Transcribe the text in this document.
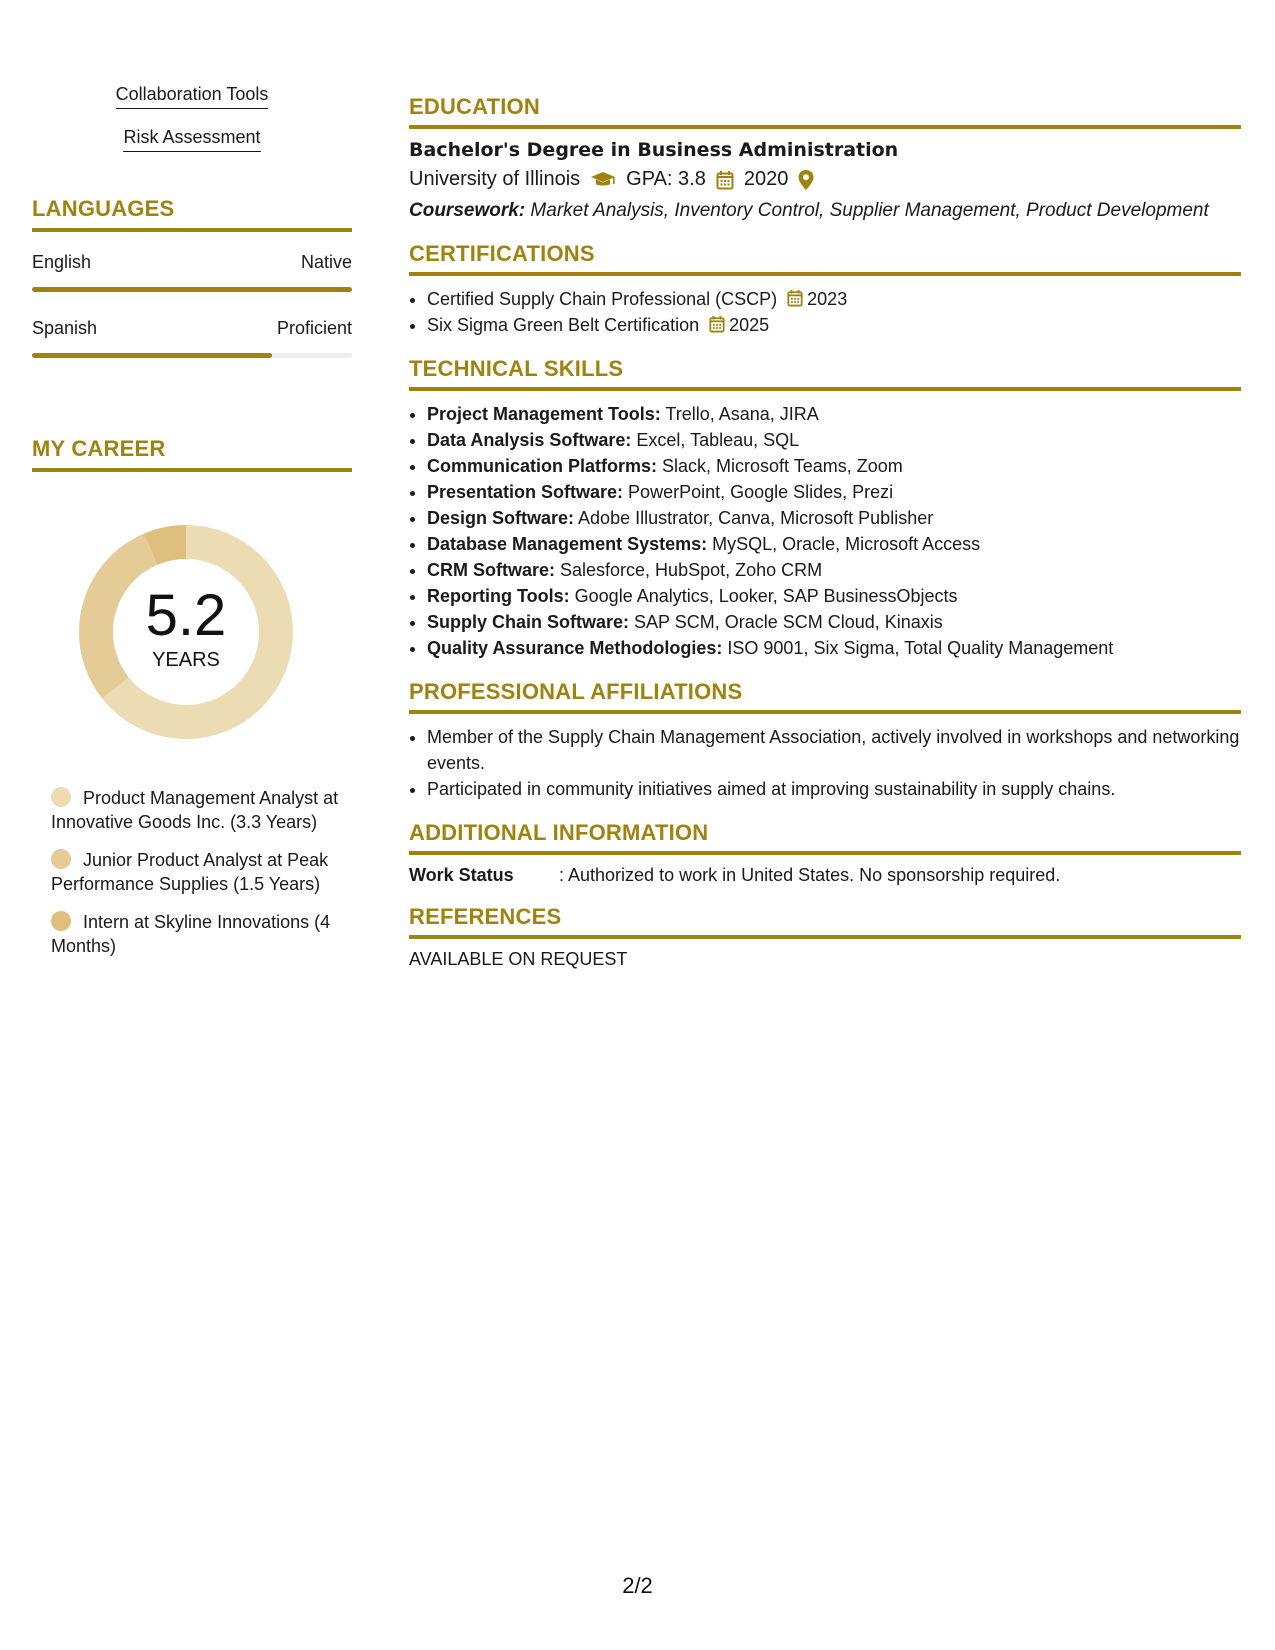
Collaboration Tools
Risk Assessment
LANGUAGES
English	Native
Spanish	Proficient
MY CAREER
5.2
YEARS
Product Management Analyst at Innovative Goods Inc. (3.3 Years)
Junior Product Analyst at Peak Performance Supplies (1.5 Years)
Intern at Skyline Innovations (4 Months)
EDUCATION
Bachelor's Degree in Business Administration
University of Illinois GPA: 3.8 2020
Coursework: Market Analysis, Inventory Control, Supplier Management, Product Development
CERTIFICATIONS
• Certified Supply Chain Professional (CSCP) 2023
• Six Sigma Green Belt Certification 2025
TECHNICAL SKILLS
• Project Management Tools: Trello, Asana, JIRA
• Data Analysis Software: Excel, Tableau, SQL
• Communication Platforms: Slack, Microsoft Teams, Zoom
• Presentation Software: PowerPoint, Google Slides, Prezi
• Design Software: Adobe Illustrator, Canva, Microsoft Publisher
• Database Management Systems: MySQL, Oracle, Microsoft Access
• CRM Software: Salesforce, HubSpot, Zoho CRM
• Reporting Tools: Google Analytics, Looker, SAP BusinessObjects
• Supply Chain Software: SAP SCM, Oracle SCM Cloud, Kinaxis
• Quality Assurance Methodologies: ISO 9001, Six Sigma, Total Quality Management
PROFESSIONAL AFFILIATIONS
• Member of the Supply Chain Management Association, actively involved in workshops and networking events.
• Participated in community initiatives aimed at improving sustainability in supply chains.
ADDITIONAL INFORMATION
Work Status	: Authorized to work in United States. No sponsorship required.
REFERENCES
AVAILABLE ON REQUEST
2/2
